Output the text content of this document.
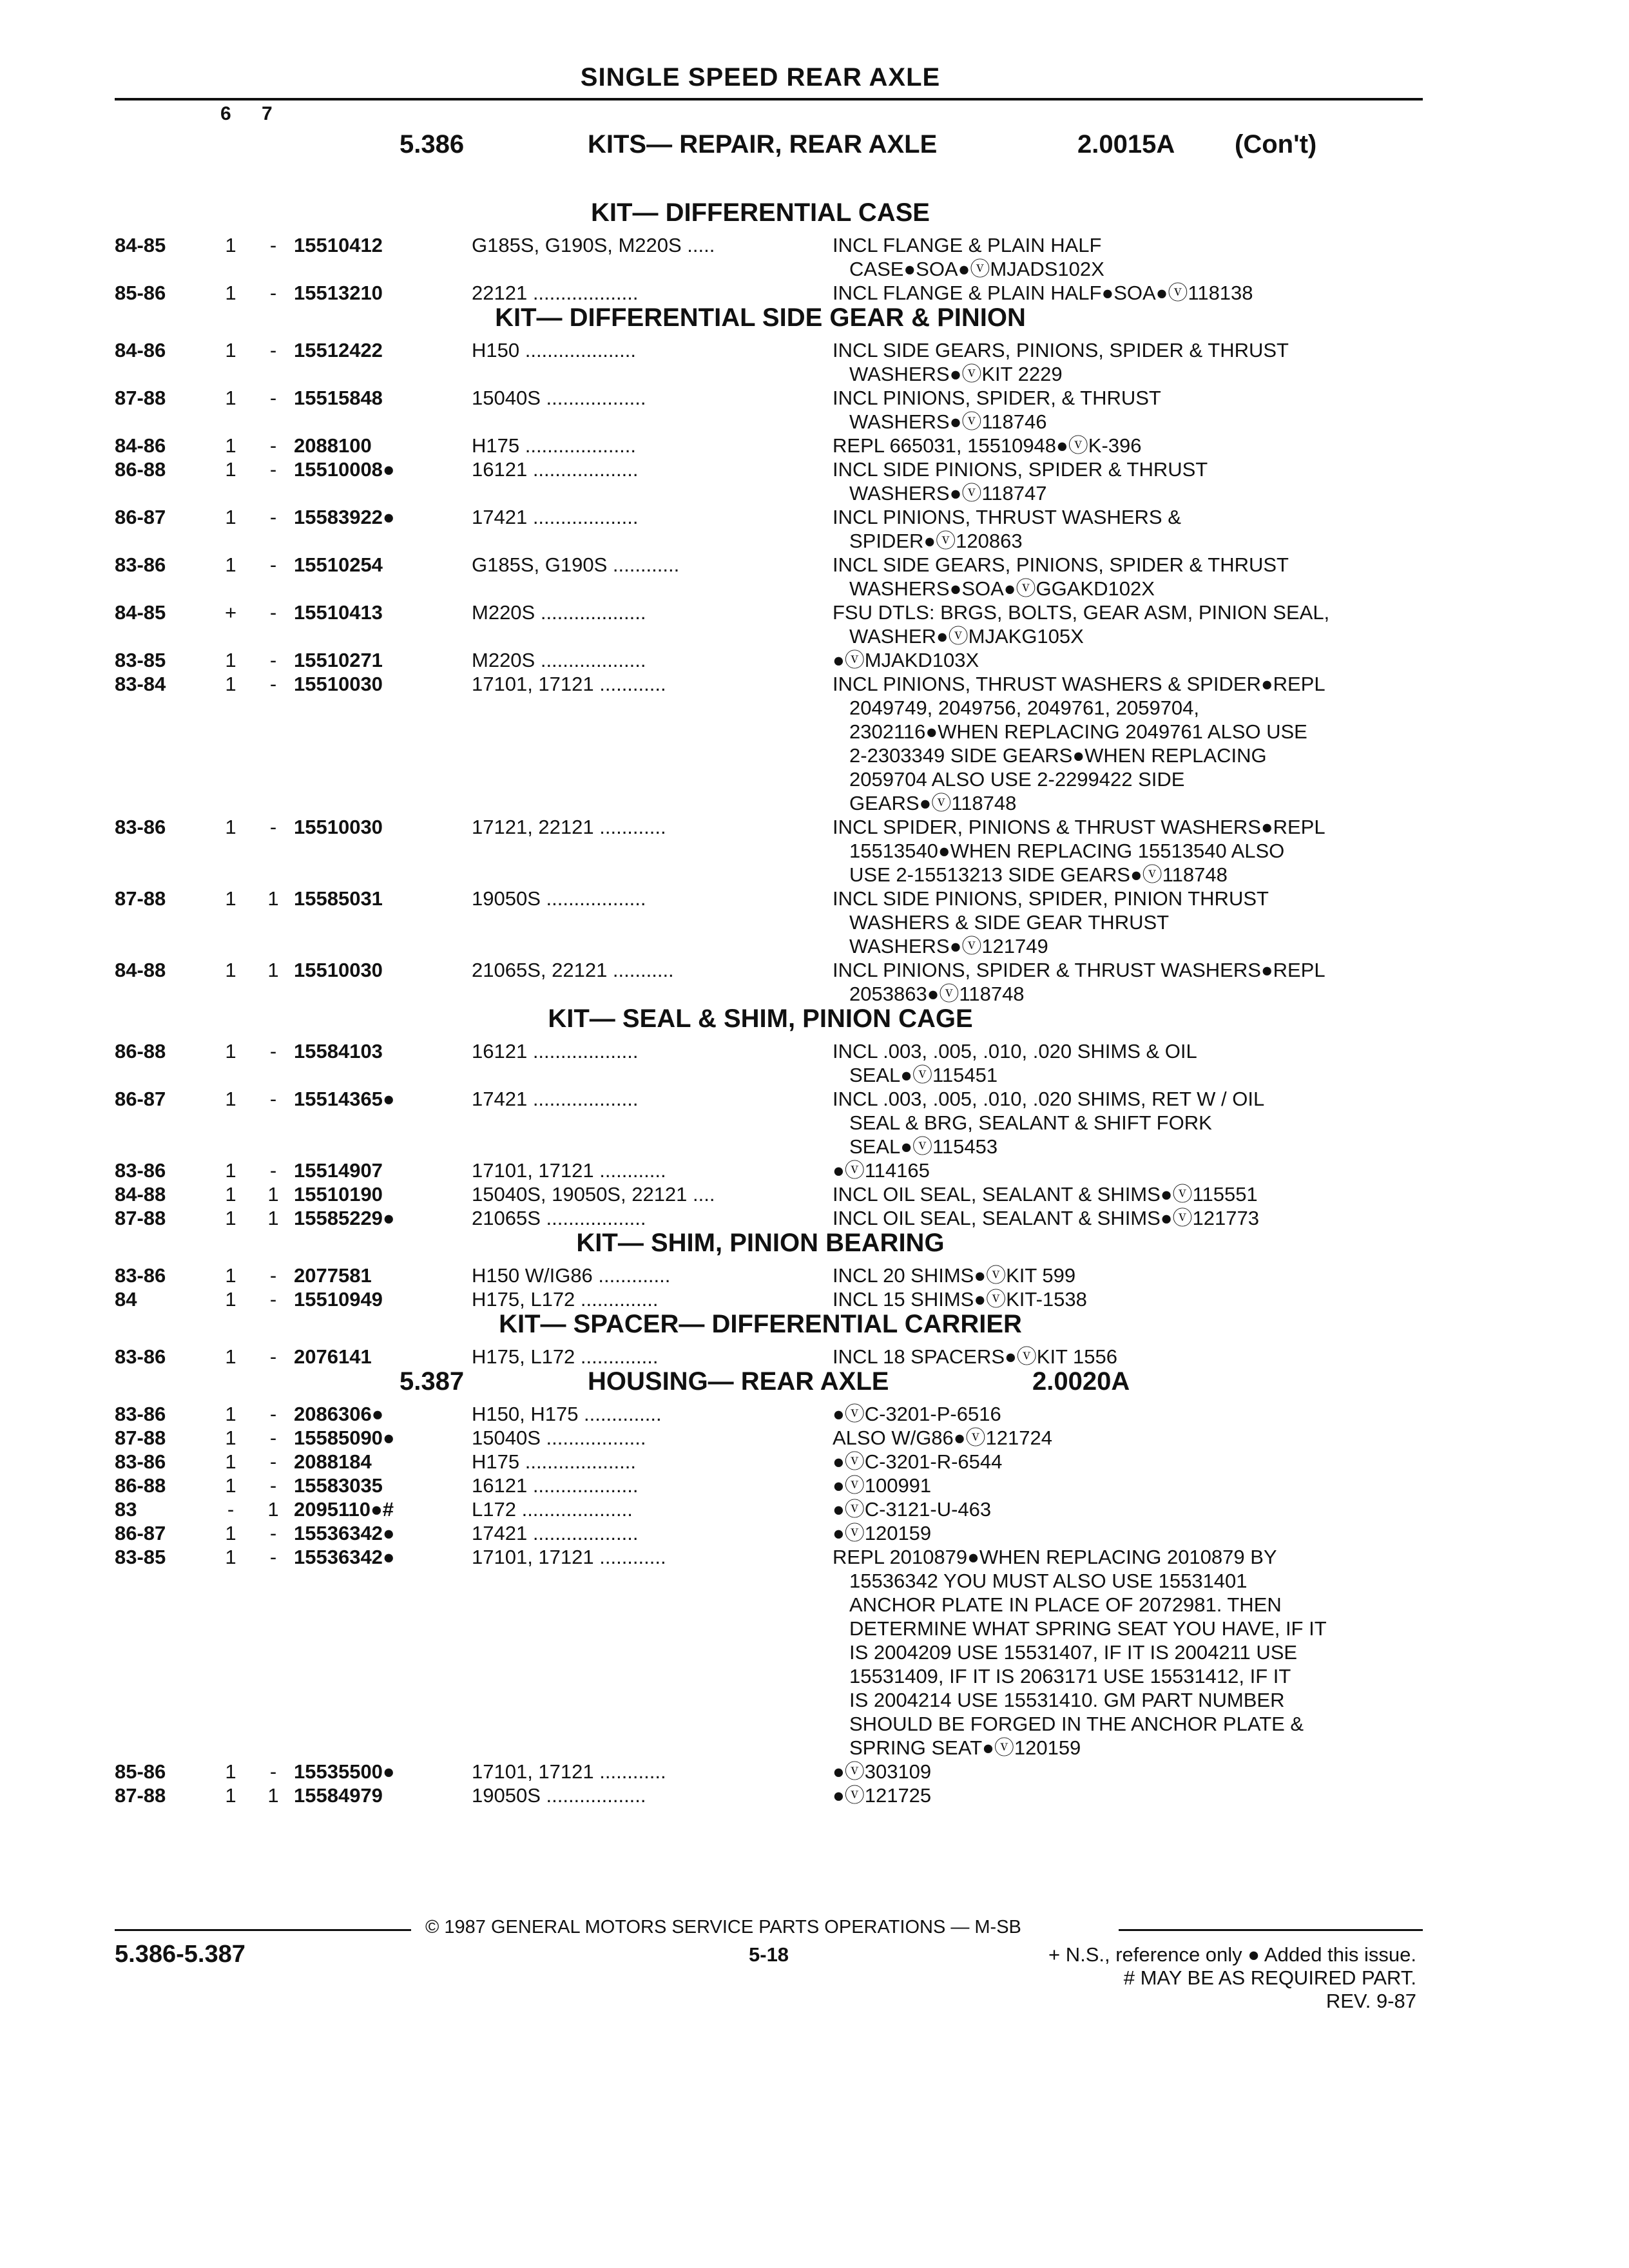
SINGLE SPEED REAR AXLE
6 7
5.386	KITS— REPAIR, REAR AXLE	2.0015A (Con't)
KIT— DIFFERENTIAL CASE
84-85	1 - 15510412	G185S, G190S, M220S .....	INCL FLANGE & PLAIN HALF
CASE●SOA●ⓥMJADS102X
85-86	1 - 15513210	22121 ...................	INCL FLANGE & PLAIN HALF●SOA●ⓥ118138
KIT— DIFFERENTIAL SIDE GEAR & PINION
84-86	1 - 15512422	H150 ....................	INCL SIDE GEARS, PINIONS, SPIDER & THRUST
WASHERS●ⓥKIT 2229
87-88	1 - 15515848	15040S ..................	INCL PINIONS, SPIDER, & THRUST
WASHERS●ⓥ118746
84-86	1 - 2088100	H175 ....................	REPL 665031, 15510948●ⓥK-396
86-88	1 - 15510008●	16121 ...................	INCL SIDE PINIONS, SPIDER & THRUST
WASHERS●ⓥ118747
86-87	1 - 15583922●	17421 ...................	INCL PINIONS, THRUST WASHERS &
SPIDER●ⓥ120863
83-86	1 - 15510254	G185S, G190S ............	INCL SIDE GEARS, PINIONS, SPIDER & THRUST
WASHERS●SOA●ⓥGGAKD102X
84-85	+ - 15510413	M220S ...................	FSU DTLS: BRGS, BOLTS, GEAR ASM, PINION SEAL,
WASHER●ⓥMJAKG105X
83-85	1 - 15510271	M220S ...................	●ⓥMJAKD103X
83-84	1 - 15510030	17101, 17121 ............	INCL PINIONS, THRUST WASHERS & SPIDER●REPL
2049749, 2049756, 2049761, 2059704,
2302116●WHEN REPLACING 2049761 ALSO USE
2-2303349 SIDE GEARS●WHEN REPLACING
2059704 ALSO USE 2-2299422 SIDE
GEARS●ⓥ118748
83-86	1 - 15510030	17121, 22121 ............	INCL SPIDER, PINIONS & THRUST WASHERS●REPL
15513540●WHEN REPLACING 15513540 ALSO
USE 2-15513213 SIDE GEARS●ⓥ118748
87-88	1 1 15585031	19050S ..................	INCL SIDE PINIONS, SPIDER, PINION THRUST
WASHERS & SIDE GEAR THRUST
WASHERS●ⓥ121749
84-88	1 1 15510030	21065S, 22121 ...........	INCL PINIONS, SPIDER & THRUST WASHERS●REPL
2053863●ⓥ118748
KIT— SEAL & SHIM, PINION CAGE
86-88	1 - 15584103	16121 ...................	INCL .003, .005, .010, .020 SHIMS & OIL
SEAL●ⓥ115451
86-87	1 - 15514365●	17421 ...................	INCL .003, .005, .010, .020 SHIMS, RET W / OIL
SEAL & BRG, SEALANT & SHIFT FORK
SEAL●ⓥ115453
83-86	1 - 15514907	17101, 17121 ............	●ⓥ114165
84-88	1 1 15510190	15040S, 19050S, 22121 ....	INCL OIL SEAL, SEALANT & SHIMS●ⓥ115551
87-88	1 1 15585229●	21065S ..................	INCL OIL SEAL, SEALANT & SHIMS●ⓥ121773
KIT— SHIM, PINION BEARING
83-86	1 - 2077581	H150 W/IG86 .............	INCL 20 SHIMS●ⓥKIT 599
84	1 - 15510949	H175, L172 ..............	INCL 15 SHIMS●ⓥKIT-1538
KIT— SPACER— DIFFERENTIAL CARRIER
83-86	1 - 2076141	H175, L172 ..............	INCL 18 SPACERS●ⓥKIT 1556
83-86	1 - 2086306●	H150, H175 ..............	●ⓥC-3201-P-6516
87-88	1 - 15585090●	15040S ..................	ALSO W/G86●ⓥ121724
83-86	1 - 2088184	H175 ....................	●ⓥC-3201-R-6544
86-88	1 - 15583035	16121 ...................	●ⓥ100991
83	- 1 2095110●#	L172 ....................	●ⓥC-3121-U-463
86-87	1 - 15536342●	17421 ...................	●ⓥ120159
83-85	1 - 15536342●	17101, 17121 ............	REPL 2010879●WHEN REPLACING 2010879 BY
15536342 YOU MUST ALSO USE 15531401
ANCHOR PLATE IN PLACE OF 2072981. THEN
DETERMINE WHAT SPRING SEAT YOU HAVE, IF IT
IS 2004209 USE 15531407, IF IT IS 2004211 USE
15531409, IF IT IS 2063171 USE 15531412, IF IT
IS 2004214 USE 15531410. GM PART NUMBER
SHOULD BE FORGED IN THE ANCHOR PLATE &
SPRING SEAT●ⓥ120159
85-86	1 - 15535500●	17101, 17121 ............	●ⓥ303109
87-88	1 1 15584979	19050S ..................	●ⓥ121725
5.387	HOUSING— REAR AXLE	2.0020A
© 1987 GENERAL MOTORS SERVICE PARTS OPERATIONS — M-SB
5.386-5.387	5-18	+ N.S., reference only ● Added this issue.
# MAY BE AS REQUIRED PART.
REV. 9-87
